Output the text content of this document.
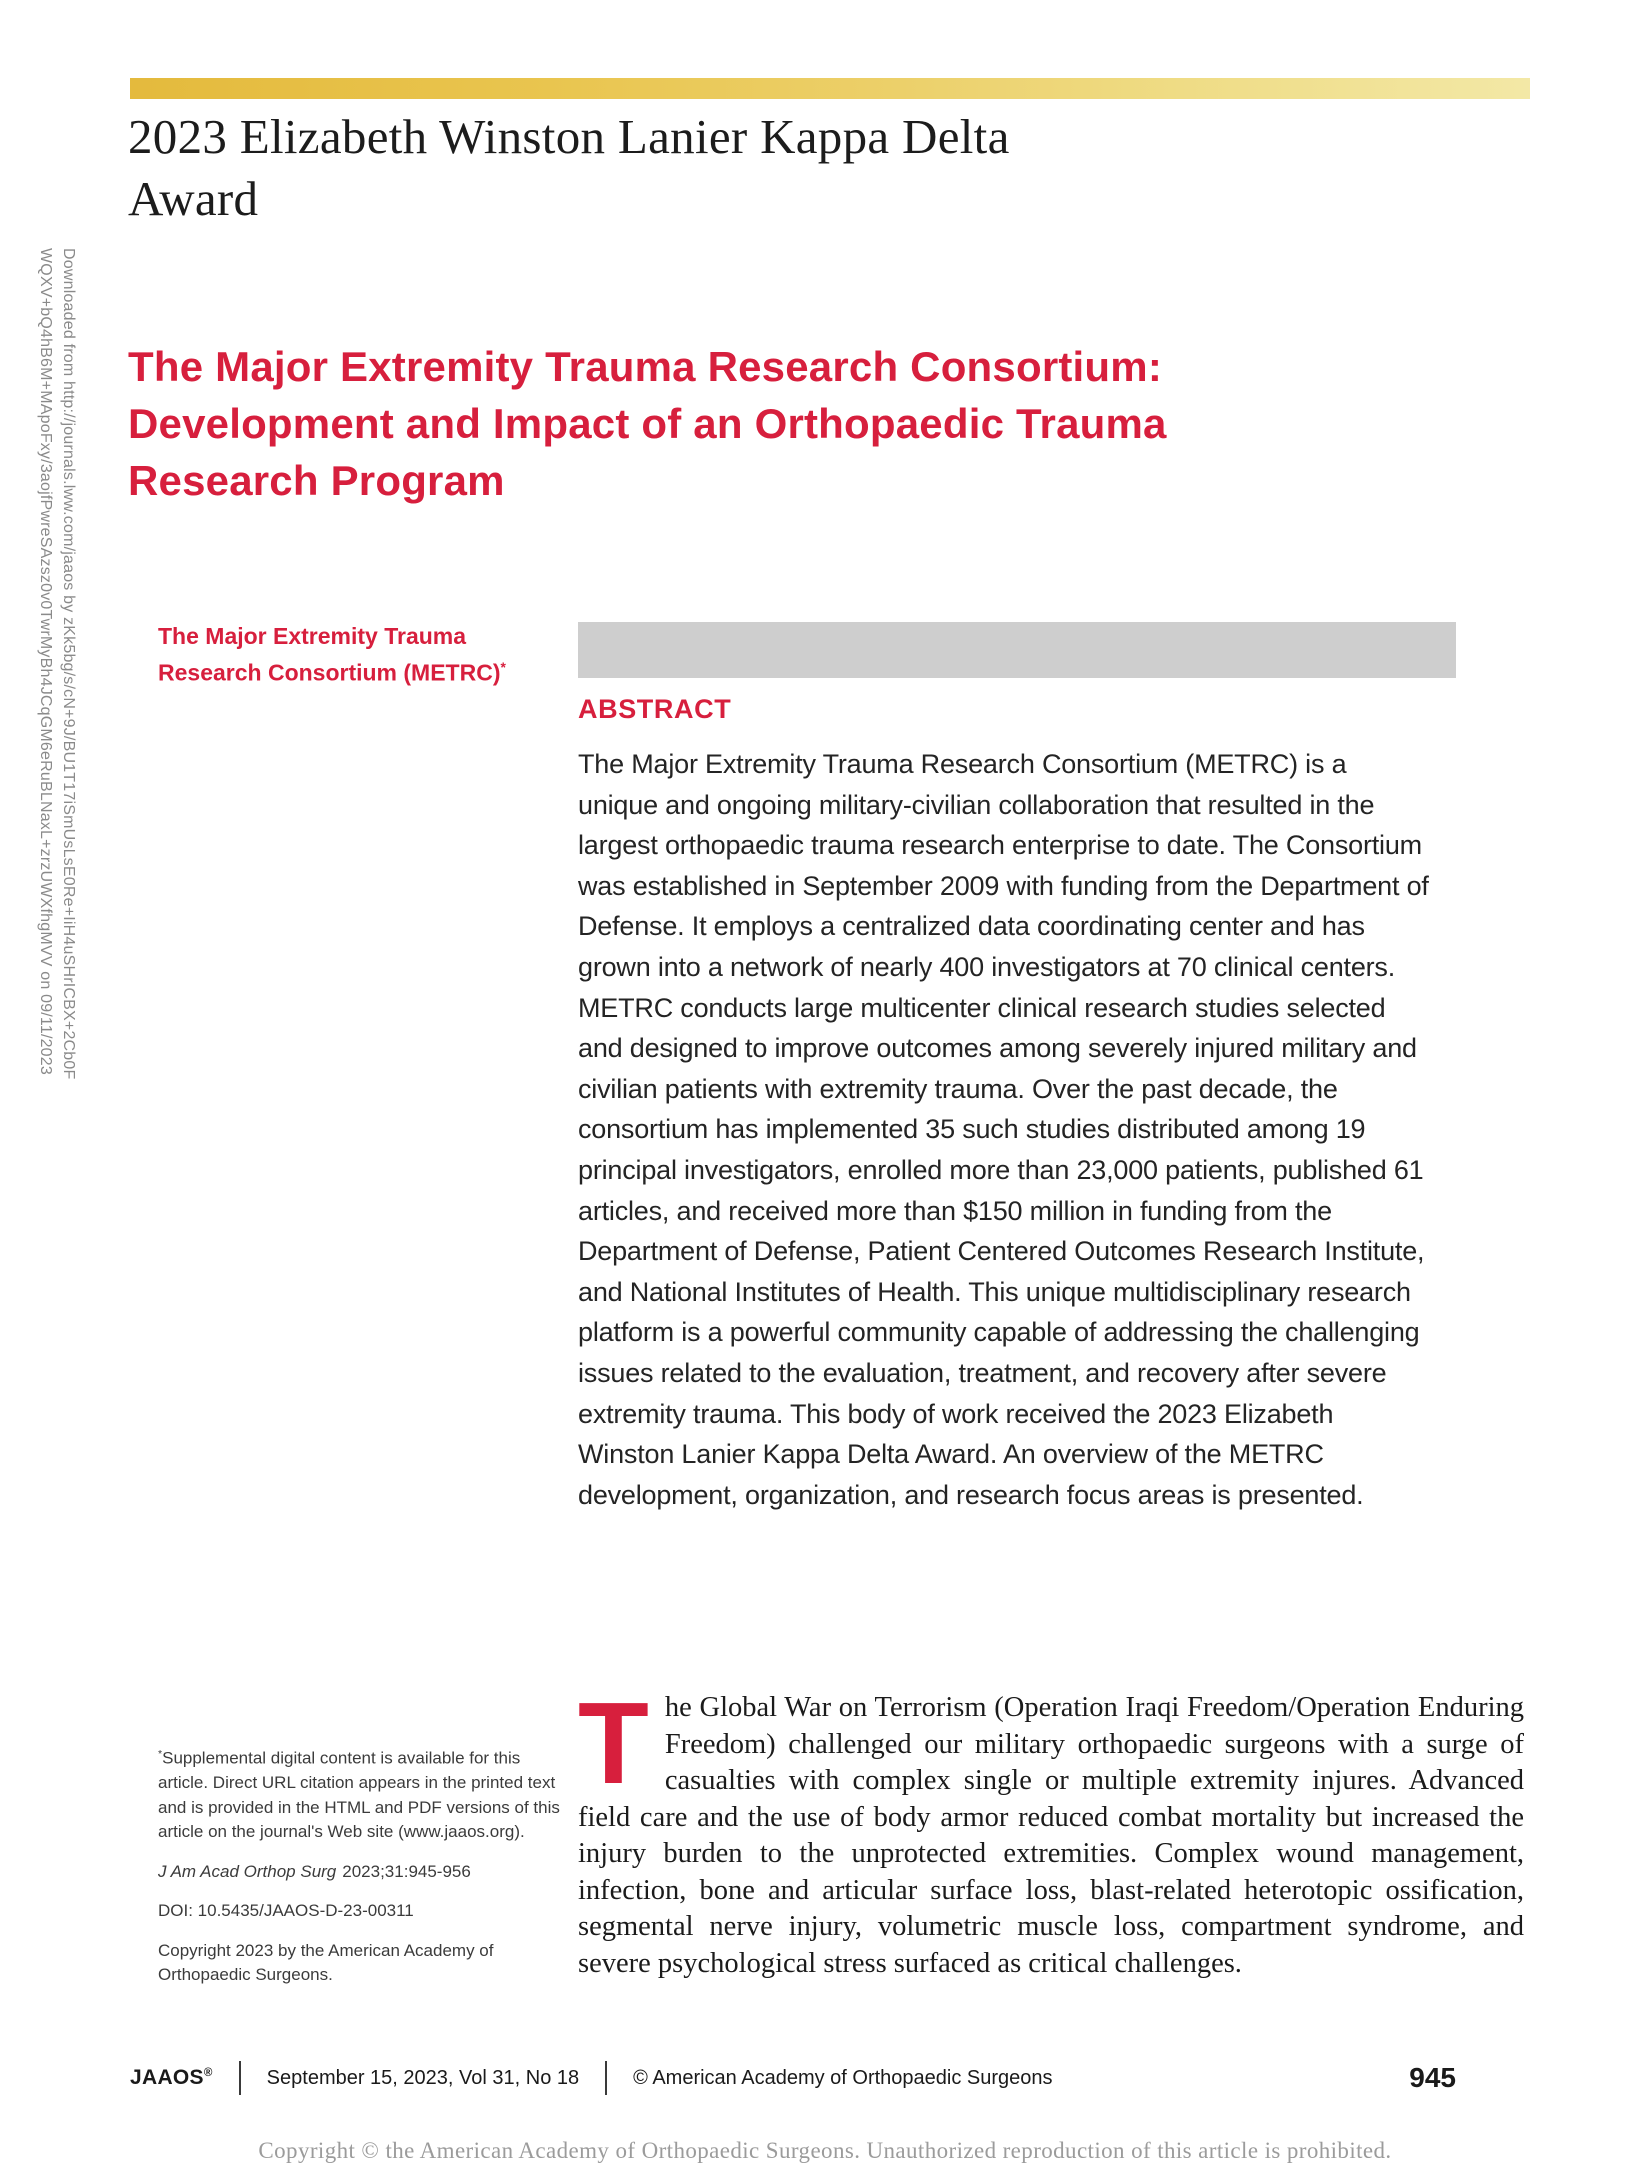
Downloaded from http://journals.lww.com/jaaos by zKk5bg/s/cN+9J/BU1T17iSmUsLsE0Re+IiH4uSHrICBX+2Cb0F
WQXV+bQ4hB6M+MApoFxy/3aojfPwreSAzsz0v0TwrMyBh4JCqGM6eRuBLNaxL+zrzUWXfhgMVV on 09/11/2023
2023 Elizabeth Winston Lanier Kappa Delta
Award
The Major Extremity Trauma Research Consortium:
Development and Impact of an Orthopaedic Trauma
Research Program
The Major Extremity Trauma
Research Consortium (METRC)*
ABSTRACT

The Major Extremity Trauma Research Consortium (METRC) is a unique and ongoing military-civilian collaboration that resulted in the largest orthopaedic trauma research enterprise to date. The Consortium was established in September 2009 with funding from the Department of Defense. It employs a centralized data coordinating center and has grown into a network of nearly 400 investigators at 70 clinical centers. METRC conducts large multicenter clinical research studies selected and designed to improve outcomes among severely injured military and civilian patients with extremity trauma. Over the past decade, the consortium has implemented 35 such studies distributed among 19 principal investigators, enrolled more than 23,000 patients, published 61 articles, and received more than $150 million in funding from the Department of Defense, Patient Centered Outcomes Research Institute, and National Institutes of Health. This unique multidisciplinary research platform is a powerful community capable of addressing the challenging issues related to the evaluation, treatment, and recovery after severe extremity trauma. This body of work received the 2023 Elizabeth Winston Lanier Kappa Delta Award. An overview of the METRC development, organization, and research focus areas is presented.

*Supplemental digital content is available for this article. Direct URL citation appears in the printed text and is provided in the HTML and PDF versions of this article on the journal's Web site (www.jaaos.org).

J Am Acad Orthop Surg 2023;31:945-956

DOI: 10.5435/JAAOS-D-23-00311

Copyright 2023 by the American Academy of Orthopaedic Surgeons.

The Global War on Terrorism (Operation Iraqi Freedom/Operation Enduring Freedom) challenged our military orthopaedic surgeons with a surge of casualties with complex single or multiple extremity injures. Advanced field care and the use of body armor reduced combat mortality but increased the injury burden to the unprotected extremities. Complex wound management, infection, bone and articular surface loss, blast-related heterotopic ossification, segmental nerve injury, volumetric muscle loss, compartment syndrome, and severe psychological stress surfaced as critical challenges.
JAAOS®	September 15, 2023, Vol 31, No 18	© American Academy of Orthopaedic Surgeons	945
Copyright © the American Academy of Orthopaedic Surgeons. Unauthorized reproduction of this article is prohibited.
